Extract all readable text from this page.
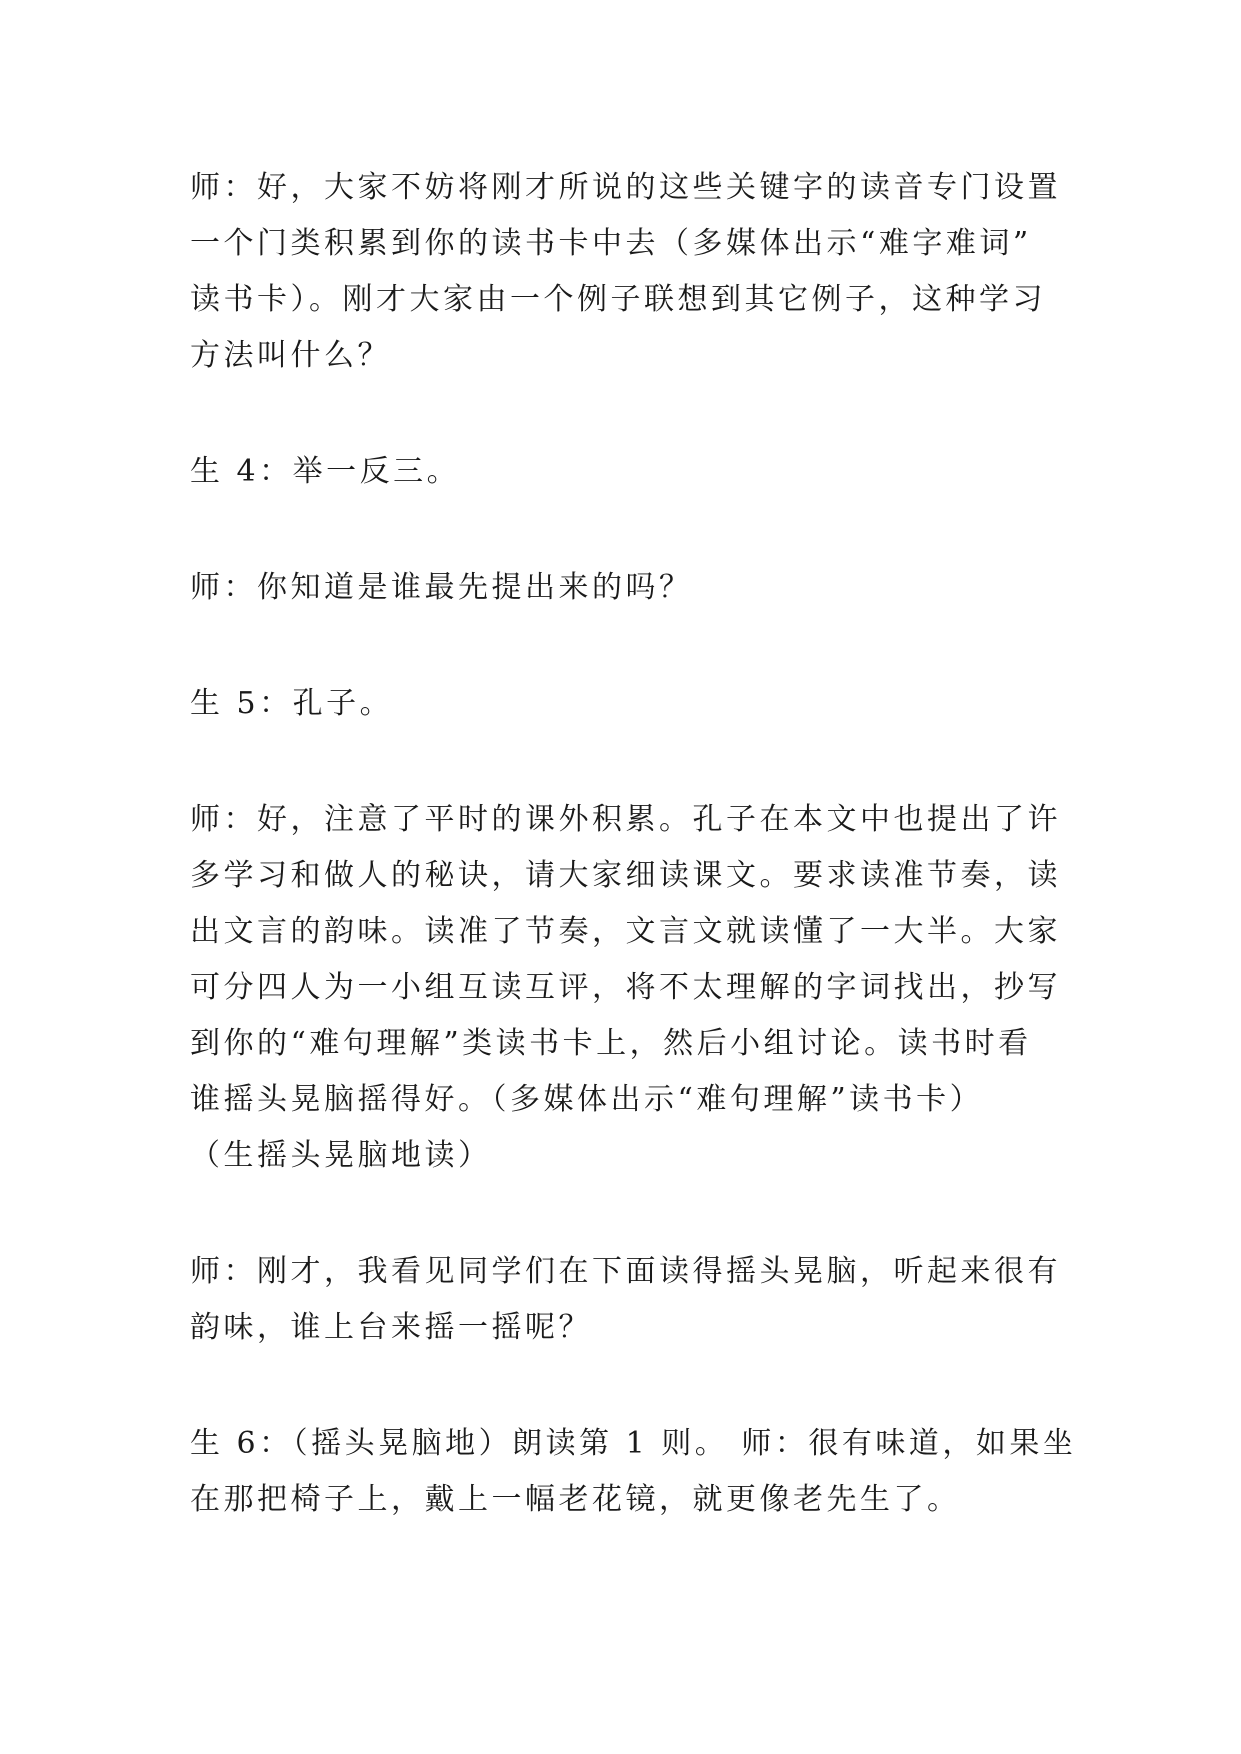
师：好，大家不妨将刚才所说的这些关键字的读音专门设置
一个门类积累到你的读书卡中去（多媒体出示“难字难词”
读书卡）。刚才大家由一个例子联想到其它例子，这种学习
方法叫什么？

生 4：举一反三。

师：你知道是谁最先提出来的吗？

生 5：孔子。

师：好，注意了平时的课外积累。孔子在本文中也提出了许
多学习和做人的秘诀，请大家细读课文。要求读准节奏，读
出文言的韵味。读准了节奏，文言文就读懂了一大半。大家
可分四人为一小组互读互评，将不太理解的字词找出，抄写
到你的“难句理解”类读书卡上，然后小组讨论。读书时看
谁摇头晃脑摇得好。（多媒体出示“难句理解”读书卡）
（生摇头晃脑地读）

师：刚才，我看见同学们在下面读得摇头晃脑，听起来很有
韵味，谁上台来摇一摇呢？

生 6：（摇头晃脑地）朗读第 1 则。 师：很有味道，如果坐
在那把椅子上，戴上一幅老花镜，就更像老先生了。
